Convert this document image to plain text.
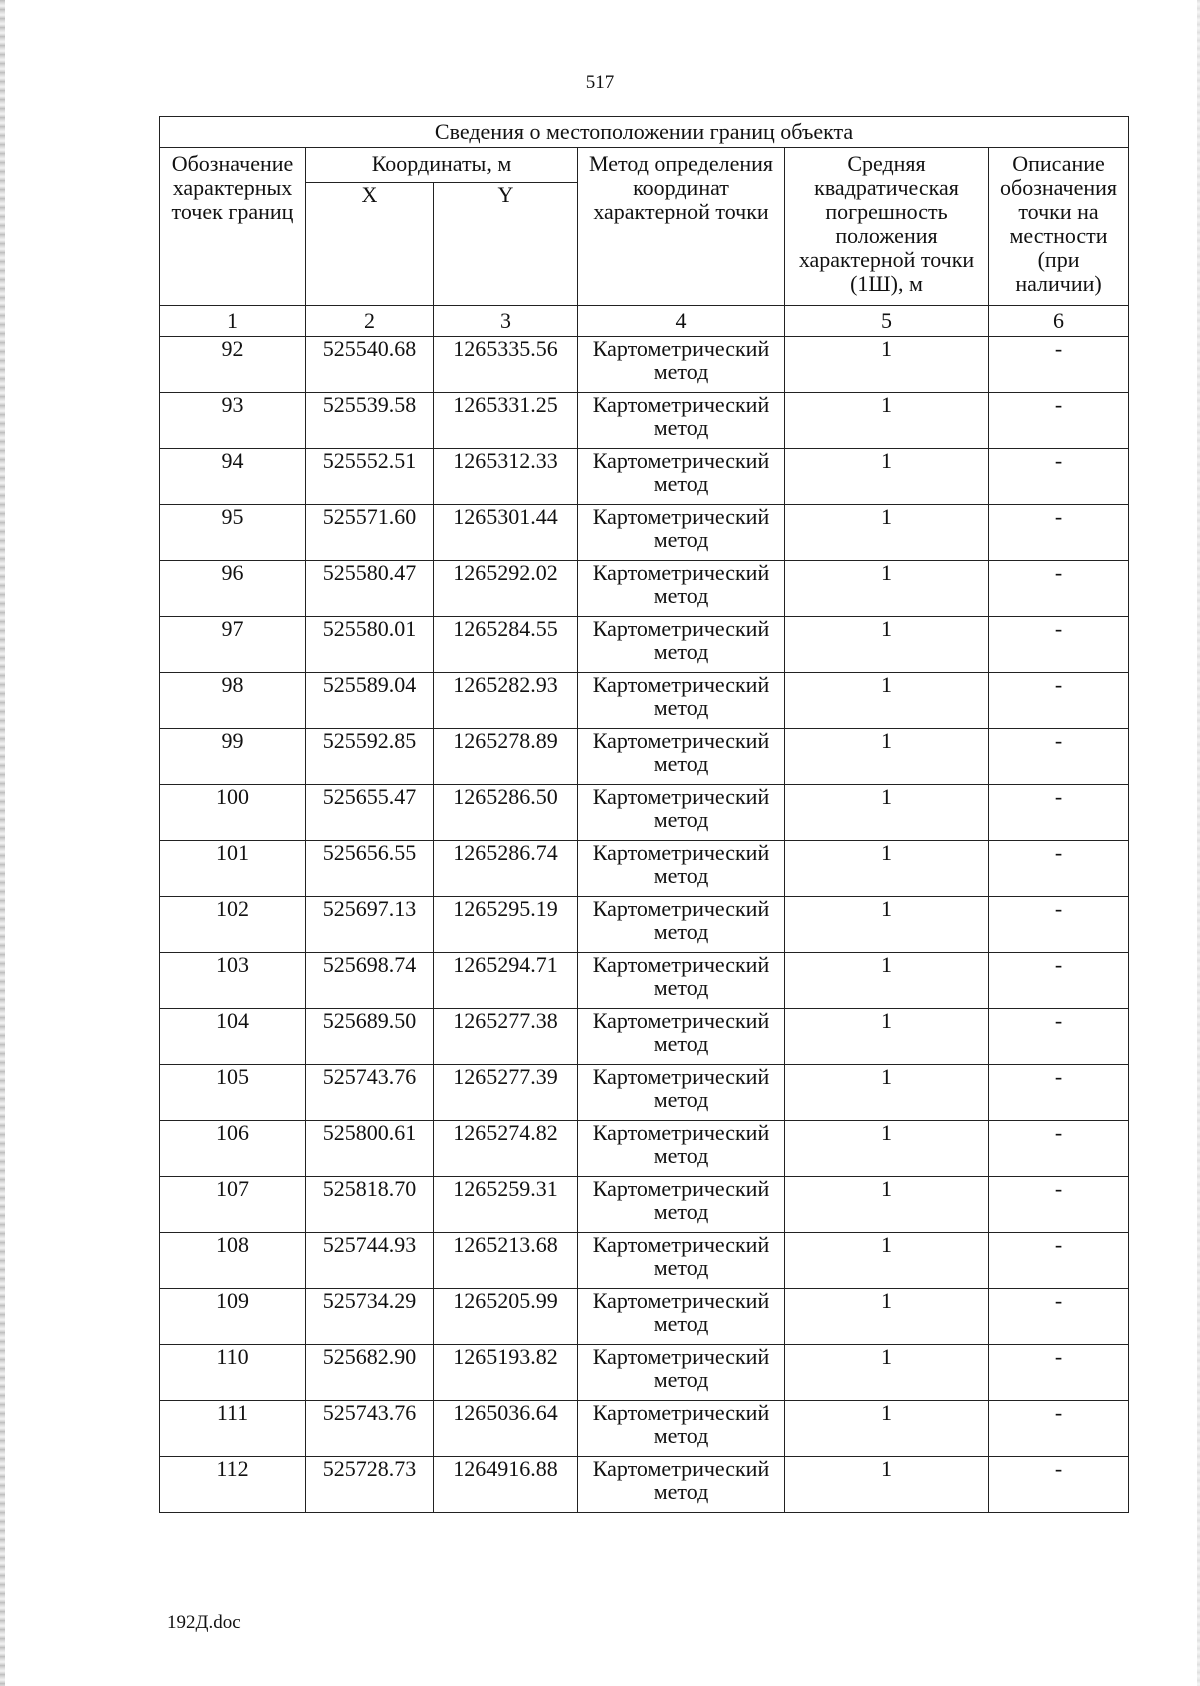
517
Сведения о местоположении границ объекта					
Обозначение характерных точек границ	Координаты, м		Метод определения координат характерной точки	Средняя квадратическая погрешность положения характерной точки (1Ш), м	Описание обозначения точки на местности (при наличии)
	X	Y			
1	2	3	4	5	6
92	525540.68	1265335.56	Картометрический метод	1	-
93	525539.58	1265331.25	Картометрический метод	1	-
94	525552.51	1265312.33	Картометрический метод	1	-
95	525571.60	1265301.44	Картометрический метод	1	-
96	525580.47	1265292.02	Картометрический метод	1	-
97	525580.01	1265284.55	Картометрический метод	1	-
98	525589.04	1265282.93	Картометрический метод	1	-
99	525592.85	1265278.89	Картометрический метод	1	-
100	525655.47	1265286.50	Картометрический метод	1	-
101	525656.55	1265286.74	Картометрический метод	1	-
102	525697.13	1265295.19	Картометрический метод	1	-
103	525698.74	1265294.71	Картометрический метод	1	-
104	525689.50	1265277.38	Картометрический метод	1	-
105	525743.76	1265277.39	Картометрический метод	1	-
106	525800.61	1265274.82	Картометрический метод	1	-
107	525818.70	1265259.31	Картометрический метод	1	-
108	525744.93	1265213.68	Картометрический метод	1	-
109	525734.29	1265205.99	Картометрический метод	1	-
110	525682.90	1265193.82	Картометрический метод	1	-
111	525743.76	1265036.64	Картометрический метод	1	-
112	525728.73	1264916.88	Картометрический метод	1	-
192Д.doc
